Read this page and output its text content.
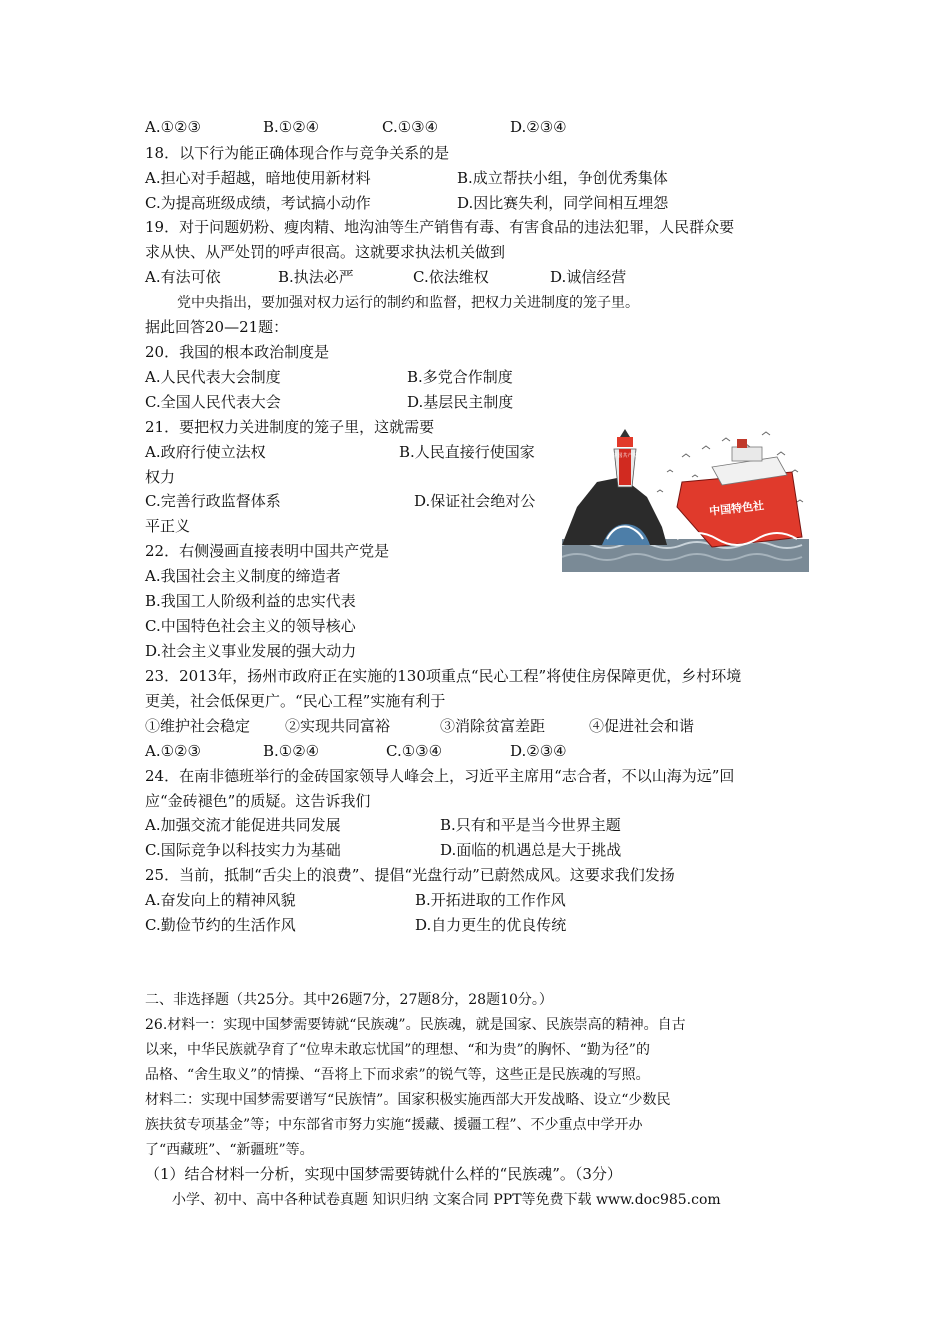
A.①②③	B.①②④	C.①③④	D.②③④
18．以下行为能正确体现合作与竞争关系的是
A.担心对手超越，暗地使用新材料	B.成立帮扶小组，争创优秀集体
C.为提高班级成绩，考试搞小动作	D.因比赛失利，同学间相互埋怨
19．对于问题奶粉、瘦肉精、地沟油等生产销售有毒、有害食品的违法犯罪，人民群众要
求从快、从严处罚的呼声很高。这就要求执法机关做到
A.有法可依	B.执法必严	C.依法维权	D.诚信经营
党中央指出，要加强对权力运行的制约和监督，把权力关进制度的笼子里。
据此回答20—21题：
20．我国的根本政治制度是
A.人民代表大会制度	B.多党合作制度
C.全国人民代表大会	D.基层民主制度
21．要把权力关进制度的笼子里，这就需要
A.政府行使立法权	B.人民直接行使国家
权力
C.完善行政监督体系	D.保证社会绝对公
平正义
中国共产党
中国特色社
22．右侧漫画直接表明中国共产党是
A.我国社会主义制度的缔造者
B.我国工人阶级利益的忠实代表
C.中国特色社会主义的领导核心
D.社会主义事业发展的强大动力
23．2013年，扬州市政府正在实施的130项重点“民心工程”将使住房保障更优，乡村环境
更美，社会低保更广。“民心工程”实施有利于
①维护社会稳定 ②实现共同富裕	③消除贫富差距	④促进社会和谐
A.①②③	B.①②④	C.①③④	D.②③④
24．在南非德班举行的金砖国家领导人峰会上，习近平主席用“志合者，不以山海为远”回
应“金砖褪色”的质疑。这告诉我们
A.加强交流才能促进共同发展	B.只有和平是当今世界主题
C.国际竞争以科技实力为基础	D.面临的机遇总是大于挑战
25．当前，抵制“舌尖上的浪费”、提倡“光盘行动”已蔚然成风。这要求我们发扬
A.奋发向上的精神风貌	B.开拓进取的工作作风
C.勤俭节约的生活作风	D.自力更生的优良传统
二、非选择题（共25分。其中26题7分，27题8分，28题10分。）
26.材料一：实现中国梦需要铸就“民族魂”。民族魂，就是国家、民族崇高的精神。自古
以来，中华民族就孕育了“位卑未敢忘忧国”的理想、“和为贵”的胸怀、“勤为径”的
品格、“舍生取义”的情操、“吾将上下而求索”的锐气等，这些正是民族魂的写照。
材料二：实现中国梦需要谱写“民族情”。国家积极实施西部大开发战略、设立“少数民
族扶贫专项基金”等；中东部省市努力实施“援藏、援疆工程”、不少重点中学开办
了“西藏班”、“新疆班”等。
（1）结合材料一分析，实现中国梦需要铸就什么样的“民族魂”。（3分）
小学、初中、高中各种试卷真题 知识归纳 文案合同 PPT等免费下载 www.doc985.com
